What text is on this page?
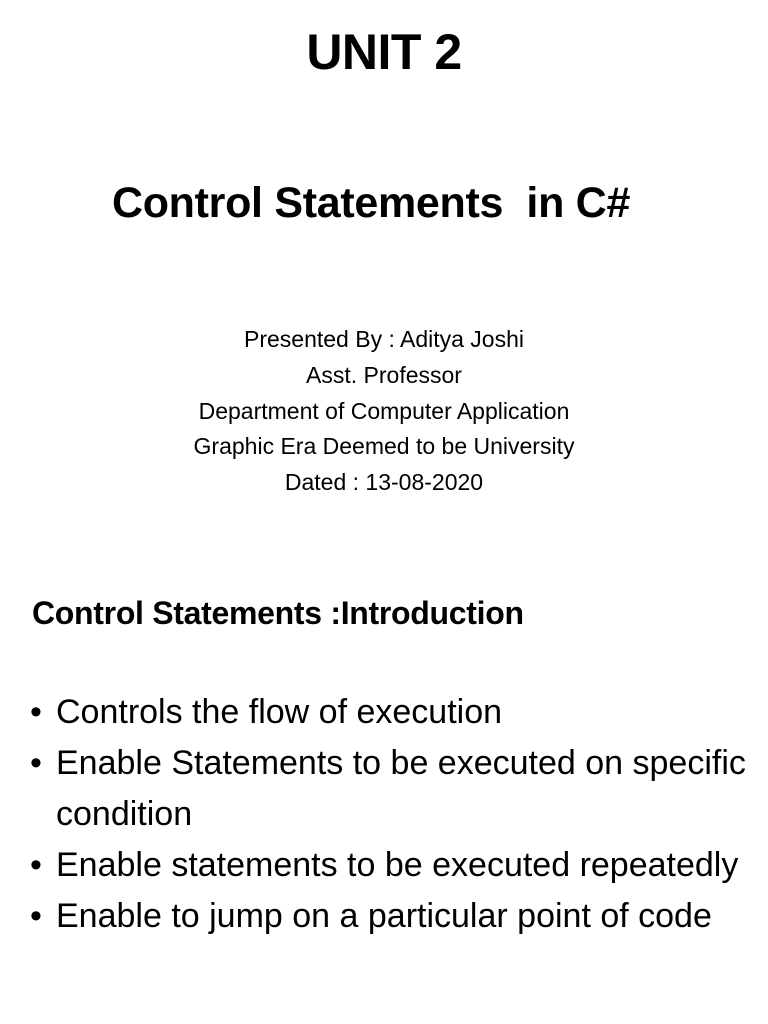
UNIT 2
Control Statements  in C#
Presented By : Aditya Joshi
Asst. Professor
Department of Computer Application
Graphic Era Deemed to be University
Dated : 13-08-2020
Control Statements :Introduction
• Controls the flow of execution
• Enable Statements to be executed on specific condition
• Enable statements to be executed repeatedly
• Enable to jump on a particular point of code
